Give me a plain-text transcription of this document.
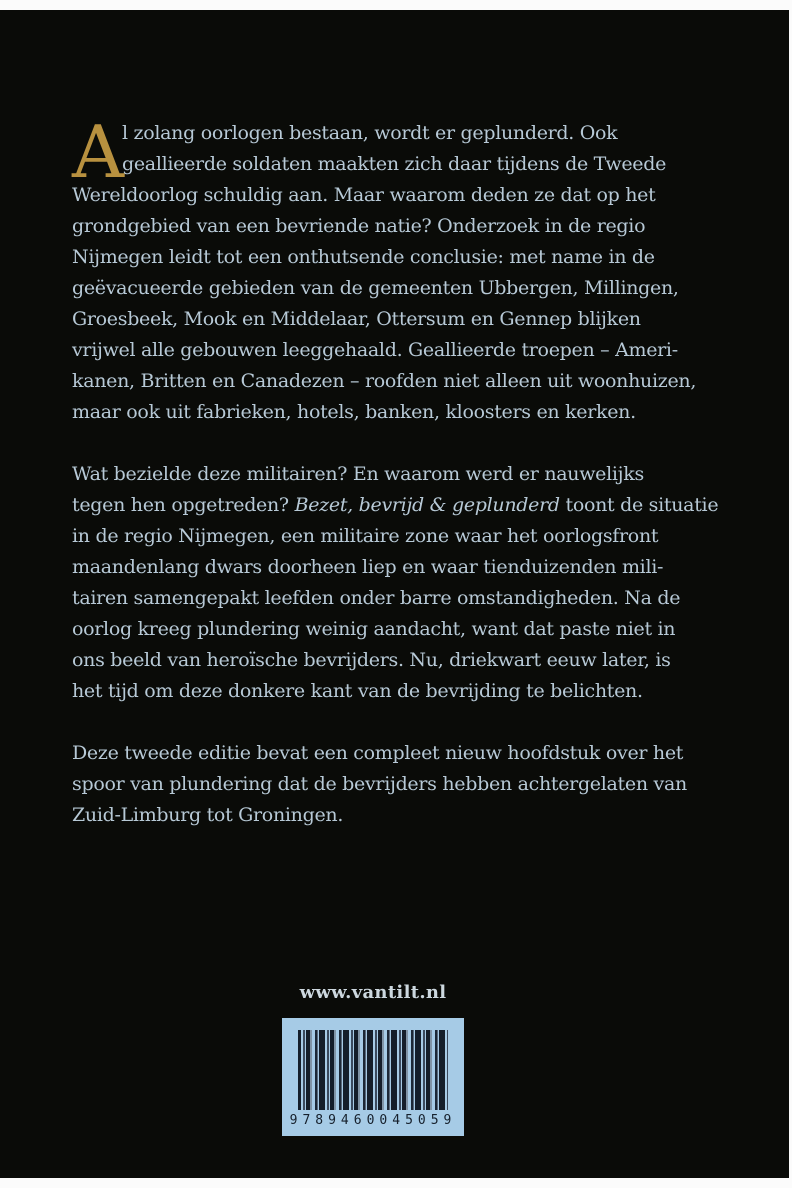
A
l zolang oorlogen bestaan, wordt er geplunderd. Ook
geallieerde soldaten maakten zich daar tijdens de Tweede
Wereldoorlog schuldig aan. Maar waarom deden ze dat op het
grondgebied van een bevriende natie? Onderzoek in de regio
Nijmegen leidt tot een onthutsende conclusie: met name in de
geëvacueerde gebieden van de gemeenten Ubbergen, Millingen,
Groesbeek, Mook en Middelaar, Ottersum en Gennep blijken
vrijwel alle gebouwen leeggehaald. Geallieerde troepen – Ameri-
kanen, Britten en Canadezen – roofden niet alleen uit woonhuizen,
maar ook uit fabrieken, hotels, banken, kloosters en kerken.
Wat bezielde deze militairen? En waarom werd er nauwelijks
tegen hen opgetreden? Bezet, bevrijd & geplunderd toont de situatie
in de regio Nijmegen, een militaire zone waar het oorlogsfront
maandenlang dwars doorheen liep en waar tienduizenden mili-
tairen samengepakt leefden onder barre omstandigheden. Na de
oorlog kreeg plundering weinig aandacht, want dat paste niet in
ons beeld van heroïsche bevrijders. Nu, driekwart eeuw later, is
het tijd om deze donkere kant van de bevrijding te belichten.
Deze tweede editie bevat een compleet nieuw hoofdstuk over het
spoor van plundering dat de bevrijders hebben achtergelaten van
Zuid-Limburg tot Groningen.
www.vantilt.nl
9789460045059
